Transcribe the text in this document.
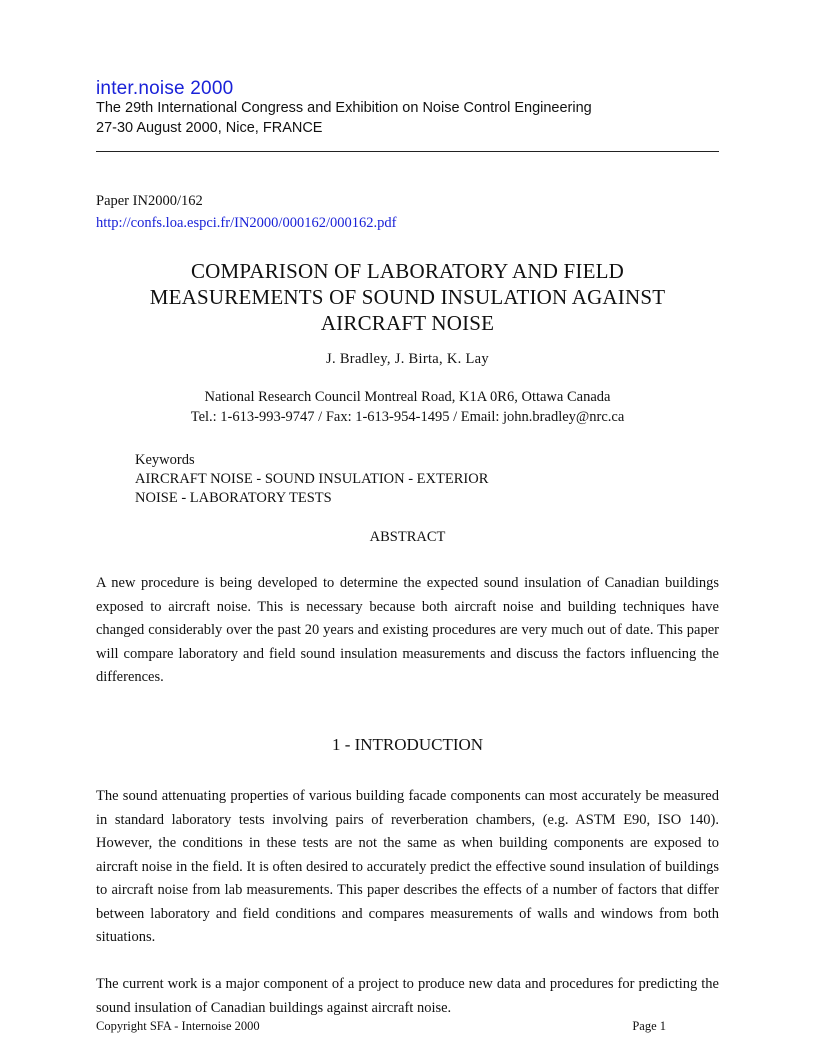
inter.noise 2000
The 29th International Congress and Exhibition on Noise Control Engineering
27-30 August 2000, Nice, FRANCE
Paper IN2000/162
http://confs.loa.espci.fr/IN2000/000162/000162.pdf
COMPARISON OF LABORATORY AND FIELD
MEASUREMENTS OF SOUND INSULATION AGAINST
AIRCRAFT NOISE
J. Bradley, J. Birta, K. Lay
National Research Council Montreal Road, K1A 0R6, Ottawa Canada
Tel.: 1-613-993-9747 / Fax: 1-613-954-1495 / Email: john.bradley@nrc.ca
Keywords
AIRCRAFT NOISE - SOUND INSULATION - EXTERIOR
NOISE - LABORATORY TESTS
ABSTRACT
A new procedure is being developed to determine the expected sound insulation of Canadian buildings exposed to aircraft noise. This is necessary because both aircraft noise and building techniques have changed considerably over the past 20 years and existing procedures are very much out of date. This paper will compare laboratory and field sound insulation measurements and discuss the factors influencing the differences.
1 - INTRODUCTION
The sound attenuating properties of various building facade components can most accurately be measured in standard laboratory tests involving pairs of reverberation chambers, (e.g. ASTM E90, ISO 140). However, the conditions in these tests are not the same as when building components are exposed to aircraft noise in the field. It is often desired to accurately predict the effective sound insulation of buildings to aircraft noise from lab measurements. This paper describes the effects of a number of factors that differ between laboratory and field conditions and compares measurements of walls and windows from both situations.
The current work is a major component of a project to produce new data and procedures for predicting the sound insulation of Canadian buildings against aircraft noise.
Copyright SFA - Internoise 2000	Page 1
